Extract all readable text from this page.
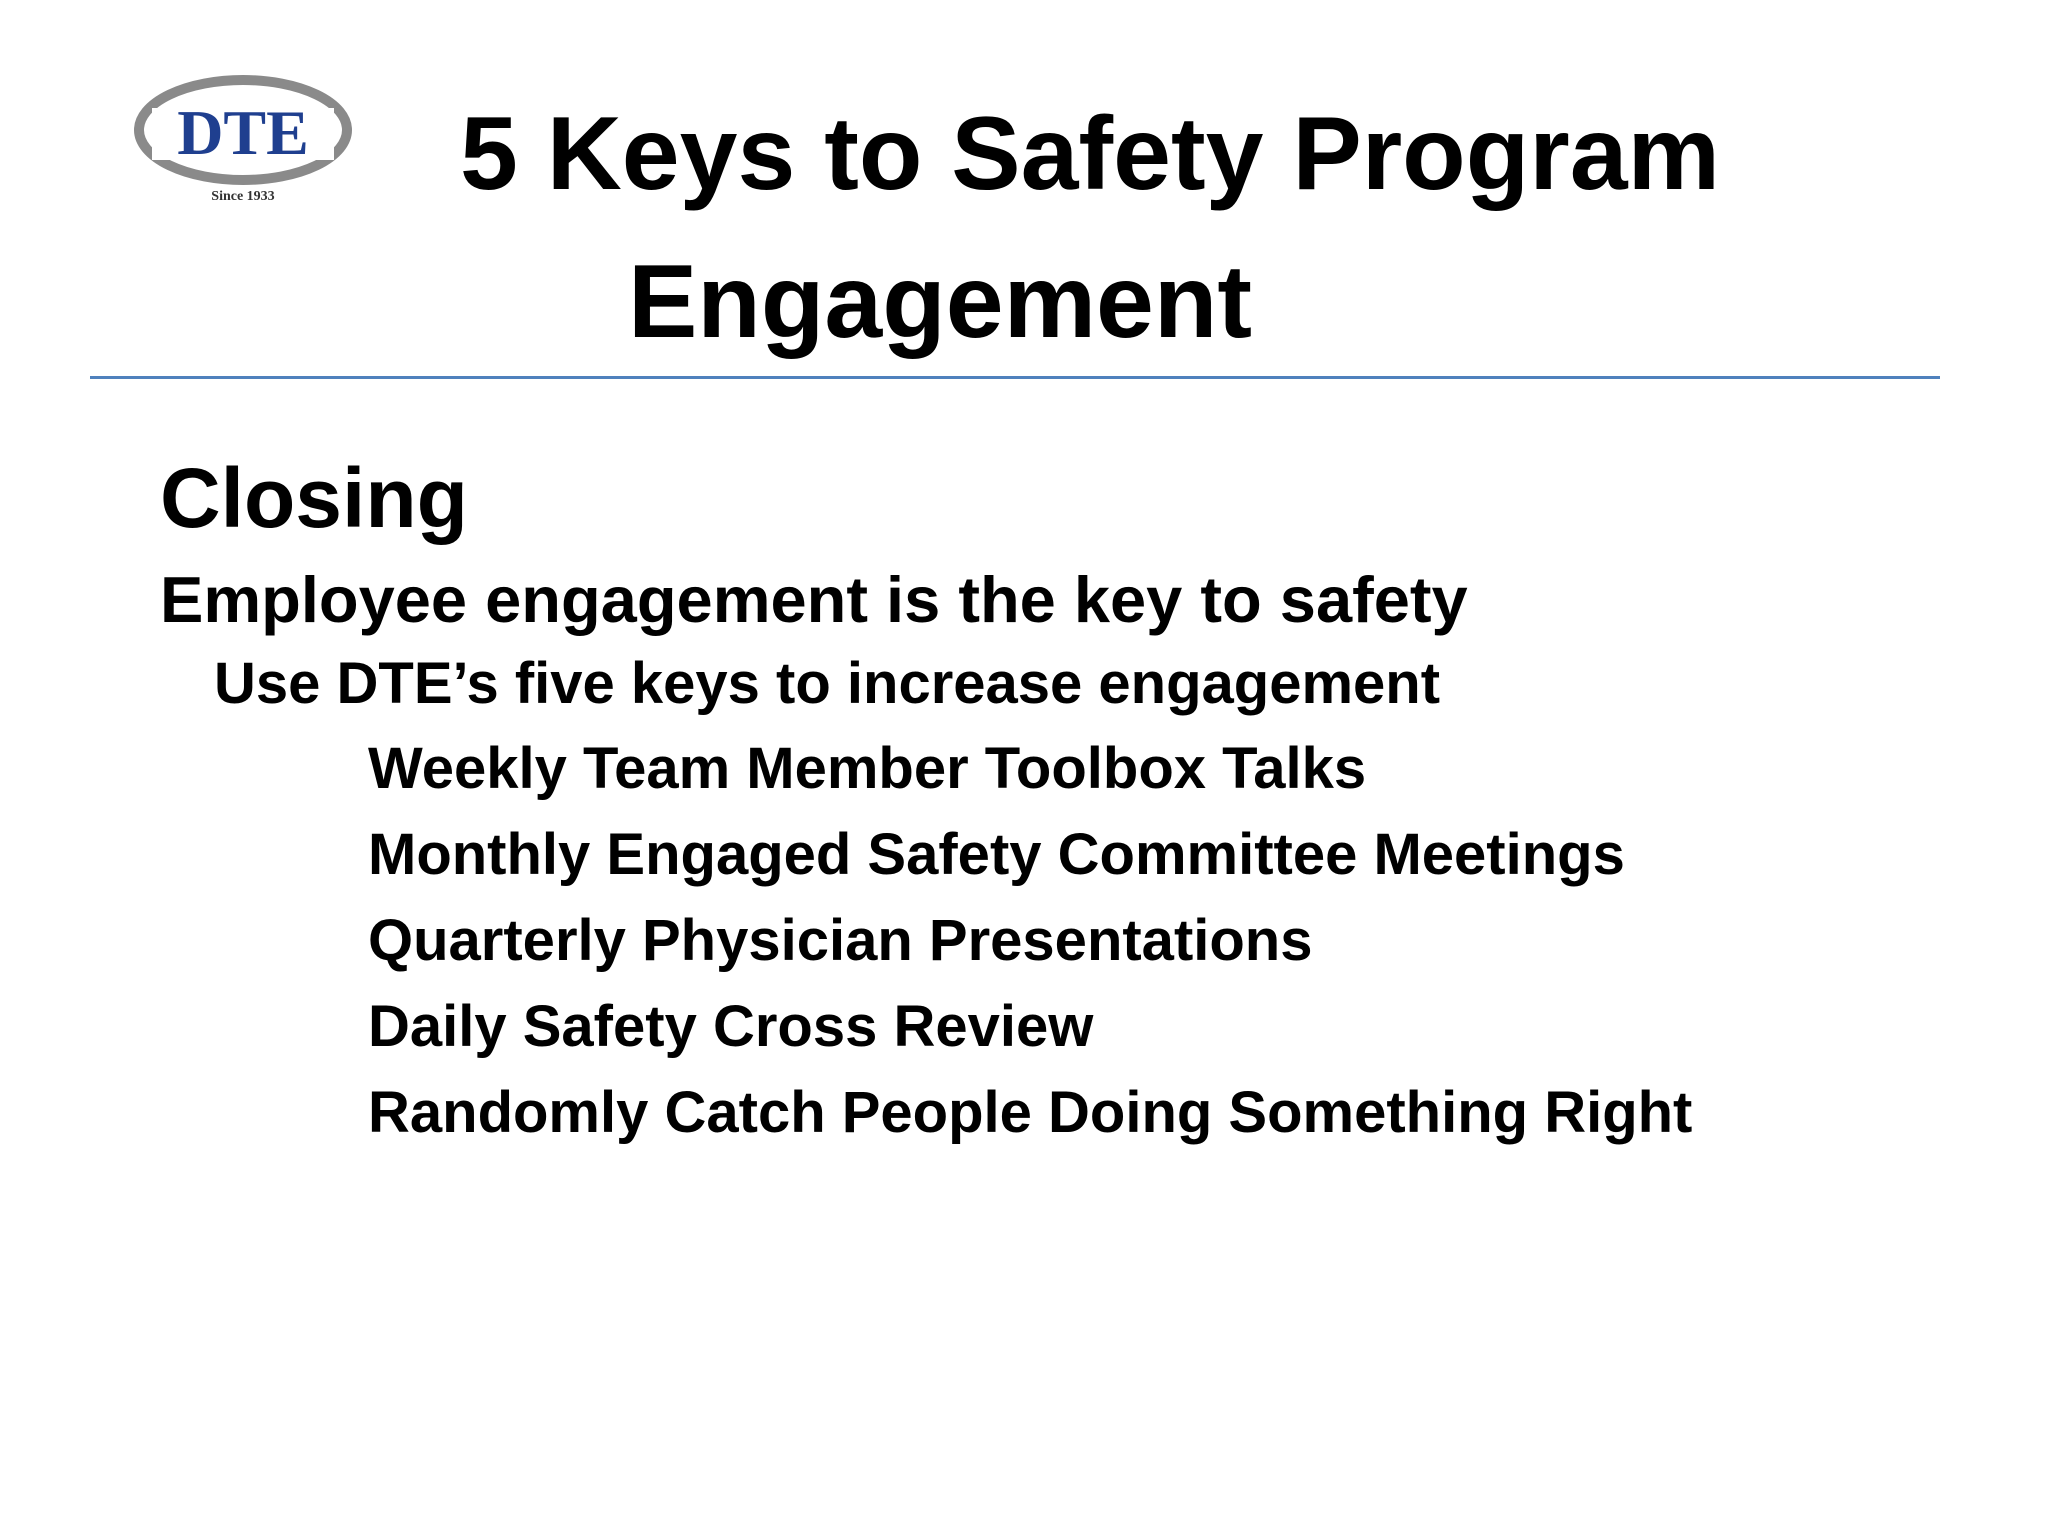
DTE
Since 1933	5 Keys to Safety Program
Engagement

Closing

Employee engagement is the key to safety

Use DTE’s five keys to increase engagement

Weekly Team Member Toolbox Talks

Monthly Engaged Safety Committee Meetings

Quarterly Physician Presentations

Daily Safety Cross Review

Randomly Catch People Doing Something Right
